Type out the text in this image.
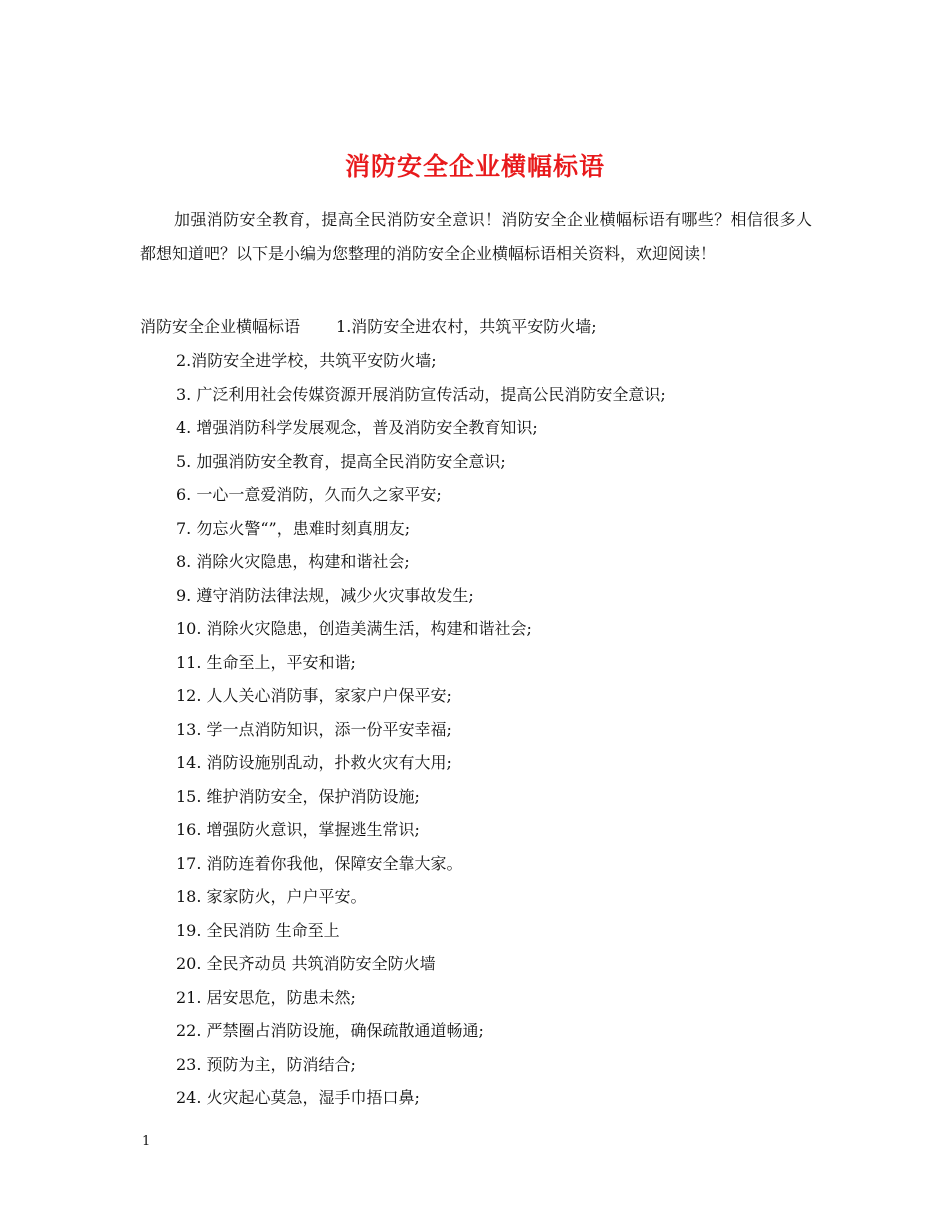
消防安全企业横幅标语

加强消防安全教育，提高全民消防安全意识！消防安全企业横幅标语有哪些？相信很多人都想知道吧？以下是小编为您整理的消防安全企业横幅标语相关资料，欢迎阅读！

消防安全企业横幅标语 1.消防安全进农村，共筑平安防火墙;
2.消防安全进学校，共筑平安防火墙;
3. 广泛利用社会传媒资源开展消防宣传活动，提高公民消防安全意识;
4. 增强消防科学发展观念，普及消防安全教育知识;
5. 加强消防安全教育，提高全民消防安全意识;
6. 一心一意爱消防，久而久之家平安;
7. 勿忘火警“”，患难时刻真朋友;
8. 消除火灾隐患，构建和谐社会;
9. 遵守消防法律法规，减少火灾事故发生;
10. 消除火灾隐患，创造美满生活，构建和谐社会;
11. 生命至上，平安和谐;
12. 人人关心消防事，家家户户保平安;
13. 学一点消防知识，添一份平安幸福;
14. 消防设施别乱动，扑救火灾有大用;
15. 维护消防安全，保护消防设施;
16. 增强防火意识，掌握逃生常识;
17. 消防连着你我他，保障安全靠大家。
18. 家家防火，户户平安。
19. 全民消防 生命至上
20. 全民齐动员 共筑消防安全防火墙
21. 居安思危，防患未然;
22. 严禁圈占消防设施，确保疏散通道畅通;
23. 预防为主，防消结合;
24. 火灾起心莫急，湿手巾捂口鼻;
1
